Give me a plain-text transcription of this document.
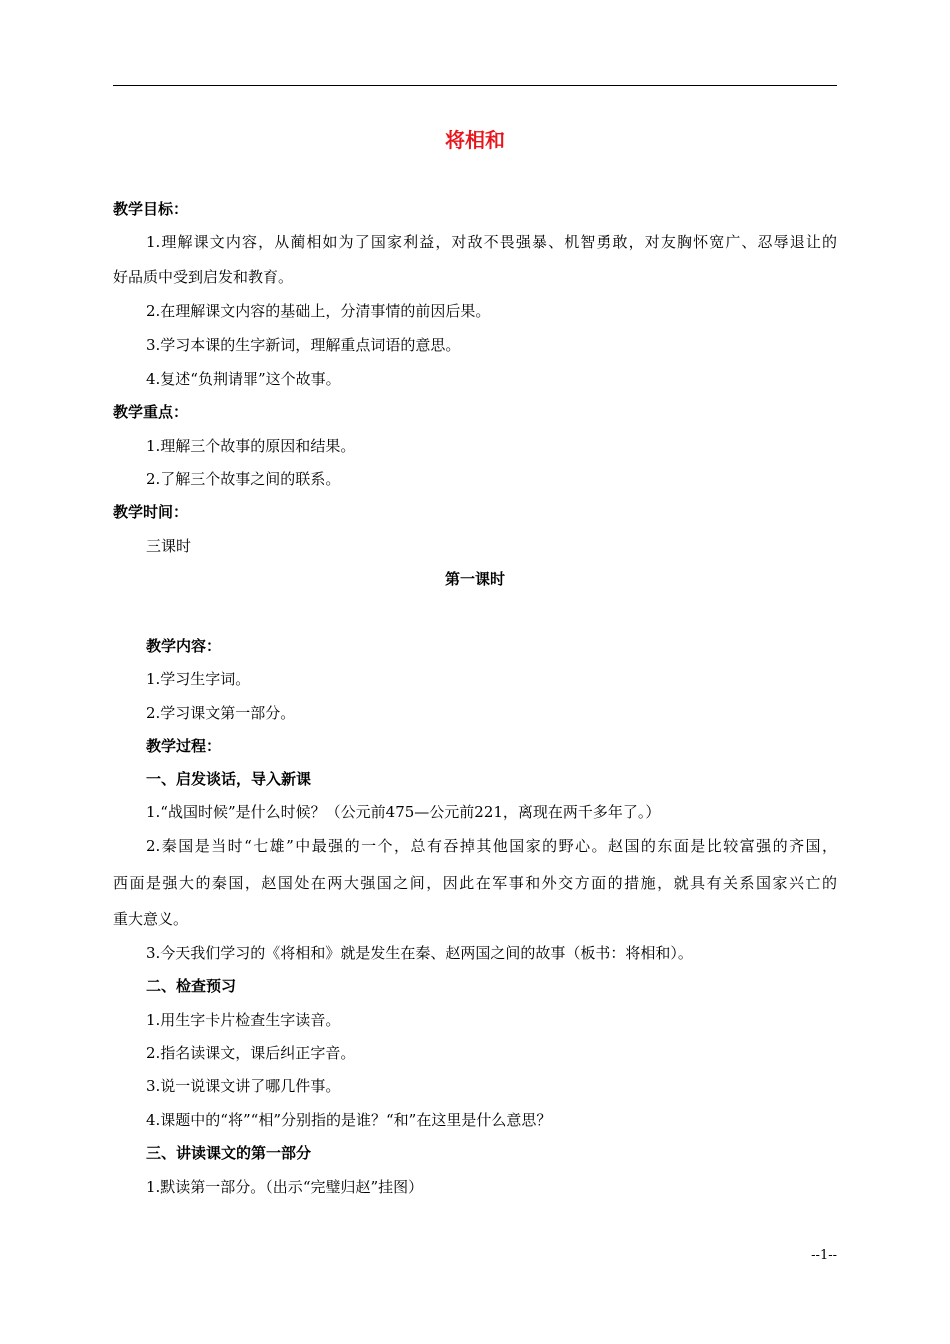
将相和
教学目标：
1.理解课文内容，从蔺相如为了国家利益，对敌不畏强暴、机智勇敢，对友胸怀宽广、忍辱退让的
好品质中受到启发和教育。
2.在理解课文内容的基础上，分清事情的前因后果。
3.学习本课的生字新词，理解重点词语的意思。
4.复述“负荆请罪”这个故事。
教学重点：
1.理解三个故事的原因和结果。
2.了解三个故事之间的联系。
教学时间：
三课时
第一课时
教学内容：
1.学习生字词。
2.学习课文第一部分。
教学过程：
一、启发谈话，导入新课
1.“战国时候”是什么时候？（公元前475—公元前221，离现在两千多年了。）
2.秦国是当时“七雄”中最强的一个，总有吞掉其他国家的野心。赵国的东面是比较富强的齐国，
西面是强大的秦国，赵国处在两大强国之间，因此在军事和外交方面的措施，就具有关系国家兴亡的
重大意义。
3.今天我们学习的《将相和》就是发生在秦、赵两国之间的故事（板书：将相和）。
二、检查预习
1.用生字卡片检查生字读音。
2.指名读课文，课后纠正字音。
3.说一说课文讲了哪几件事。
4.课题中的“将”“相”分别指的是谁？“和”在这里是什么意思？
三、讲读课文的第一部分
1.默读第一部分。（出示“完璧归赵”挂图）
--1--
